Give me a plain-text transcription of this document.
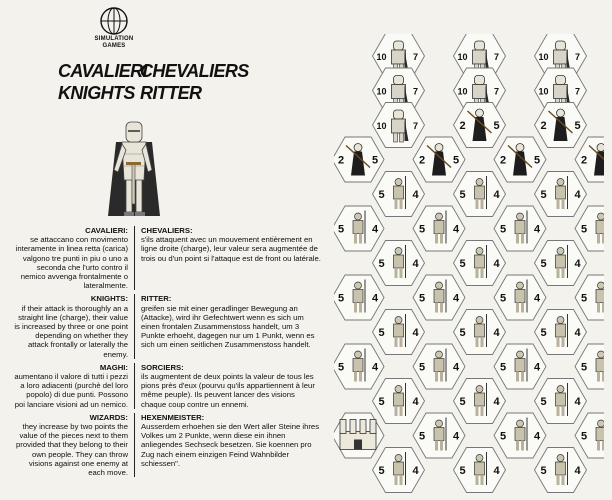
SIMULATION
GAMES
CAVALIERI
CHEVALIERS
KNIGHTS RITTER
CAVALIERI:
se attaccano con movimento interamente in linea retta (carica) valgono tre punti in piu o uno a seconda che l'urto contro il nemico avvenga frontalmente o lateralmente.
CHEVALIERS:
s'ils attaquent avec un mouvement entièrement en ligne droite (charge), leur valeur sera augmentée de trois ou d'un point si l'attaque est de front ou latérale.
KNIGHTS:
if their attack is thoroughly an a straight line (charge), their value is increased by three or one point depending on whether they attack frontally or laterally the enemy.
RITTER:
greifen sie mit einer geradlinger Bewegung an (Attacke), wird ihr Gefechtwert wenn es sich um einen frontalen Zusammenstoss handelt, um 3 Punkte erhoeht, dagegen nur um 1 Punkt, wenn es sich um einen seitlichen Zusammenstoss handelt.
MAGHI:
aumentano il valore di tutti i pezzi a loro adiacenti (purchè del loro popolo) di due punti. Possono poi lanciare visioni ad un nemico.
SORCIERS:
ils augmentent de deux points la valeur de tous les pions près d'eux (pourvu qu'ils appartiennent à leur même peuple). Ils peuvent lancer des visions chaque coup contre un ennemi.
WIZARDS:
they increase by two points the value of the pieces next to them provided that they belong to their own people. They can throw visions against one enemy at each move.
HEXENMEISTER:
Ausserdem erhoehen sie den Wert aller Steine ihres Volkes um 2 Punkte, wenn diese ein ihnen anliegendes Sechseck besetzen. Sie koennen pro Zug nach einem einzigen Feind Wahnbilder schiessen".
10	7	10	7	10	7
10	7	10	7	10	7
10	7	2	5	2	5
2	5	2	5	2	5	2
5	4	5	4	5	4
5	4	5	4	5	4	5
5	4	5	4	5	4
5	4	5	4	5	4	5
5	4	5	4	5	4
5	4	5	4	5	4	5
5	4	5	4	5	4
5	4	5	4	5
5	4	5	4	5	4
